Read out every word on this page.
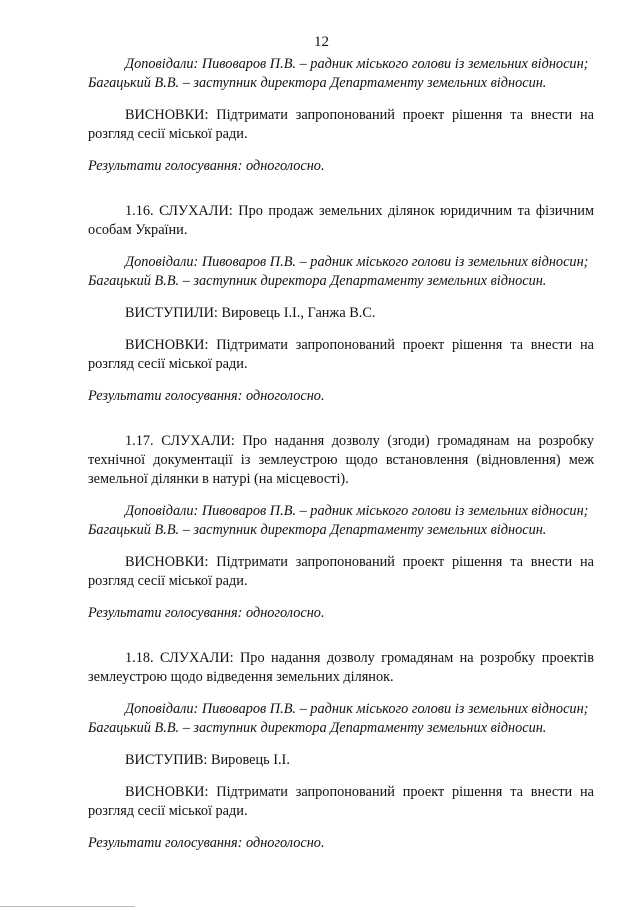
12

Доповідали: Пивоваров П.В. – радник міського голови із земельних відносин;

Багацький В.В. – заступник директора Департаменту земельних відносин.

ВИСНОВКИ: Підтримати запропонований проект рішення та внести на розгляд сесії міської ради.

Результати голосування: одноголосно.

1.16. СЛУХАЛИ: Про продаж земельних ділянок юридичним та фізичним особам України.

Доповідали: Пивоваров П.В. – радник міського голови із земельних відносин;

Багацький В.В. – заступник директора Департаменту земельних відносин.

ВИСТУПИЛИ: Вировець І.І., Ганжа В.С.

ВИСНОВКИ: Підтримати запропонований проект рішення та внести на розгляд сесії міської ради.

Результати голосування: одноголосно.

1.17. СЛУХАЛИ: Про надання дозволу (згоди) громадянам на розробку технічної документації із землеустрою щодо встановлення (відновлення) меж земельної ділянки в натурі (на місцевості).

Доповідали: Пивоваров П.В. – радник міського голови із земельних відносин;

Багацький В.В. – заступник директора Департаменту земельних відносин.

ВИСНОВКИ: Підтримати запропонований проект рішення та внести на розгляд сесії міської ради.

Результати голосування: одноголосно.

1.18. СЛУХАЛИ: Про надання дозволу громадянам на розробку проектів землеустрою щодо відведення земельних ділянок.

Доповідали: Пивоваров П.В. – радник міського голови із земельних відносин;

Багацький В.В. – заступник директора Департаменту земельних відносин.

ВИСТУПИВ: Вировець І.І.

ВИСНОВКИ: Підтримати запропонований проект рішення та внести на розгляд сесії міської ради.

Результати голосування: одноголосно.
